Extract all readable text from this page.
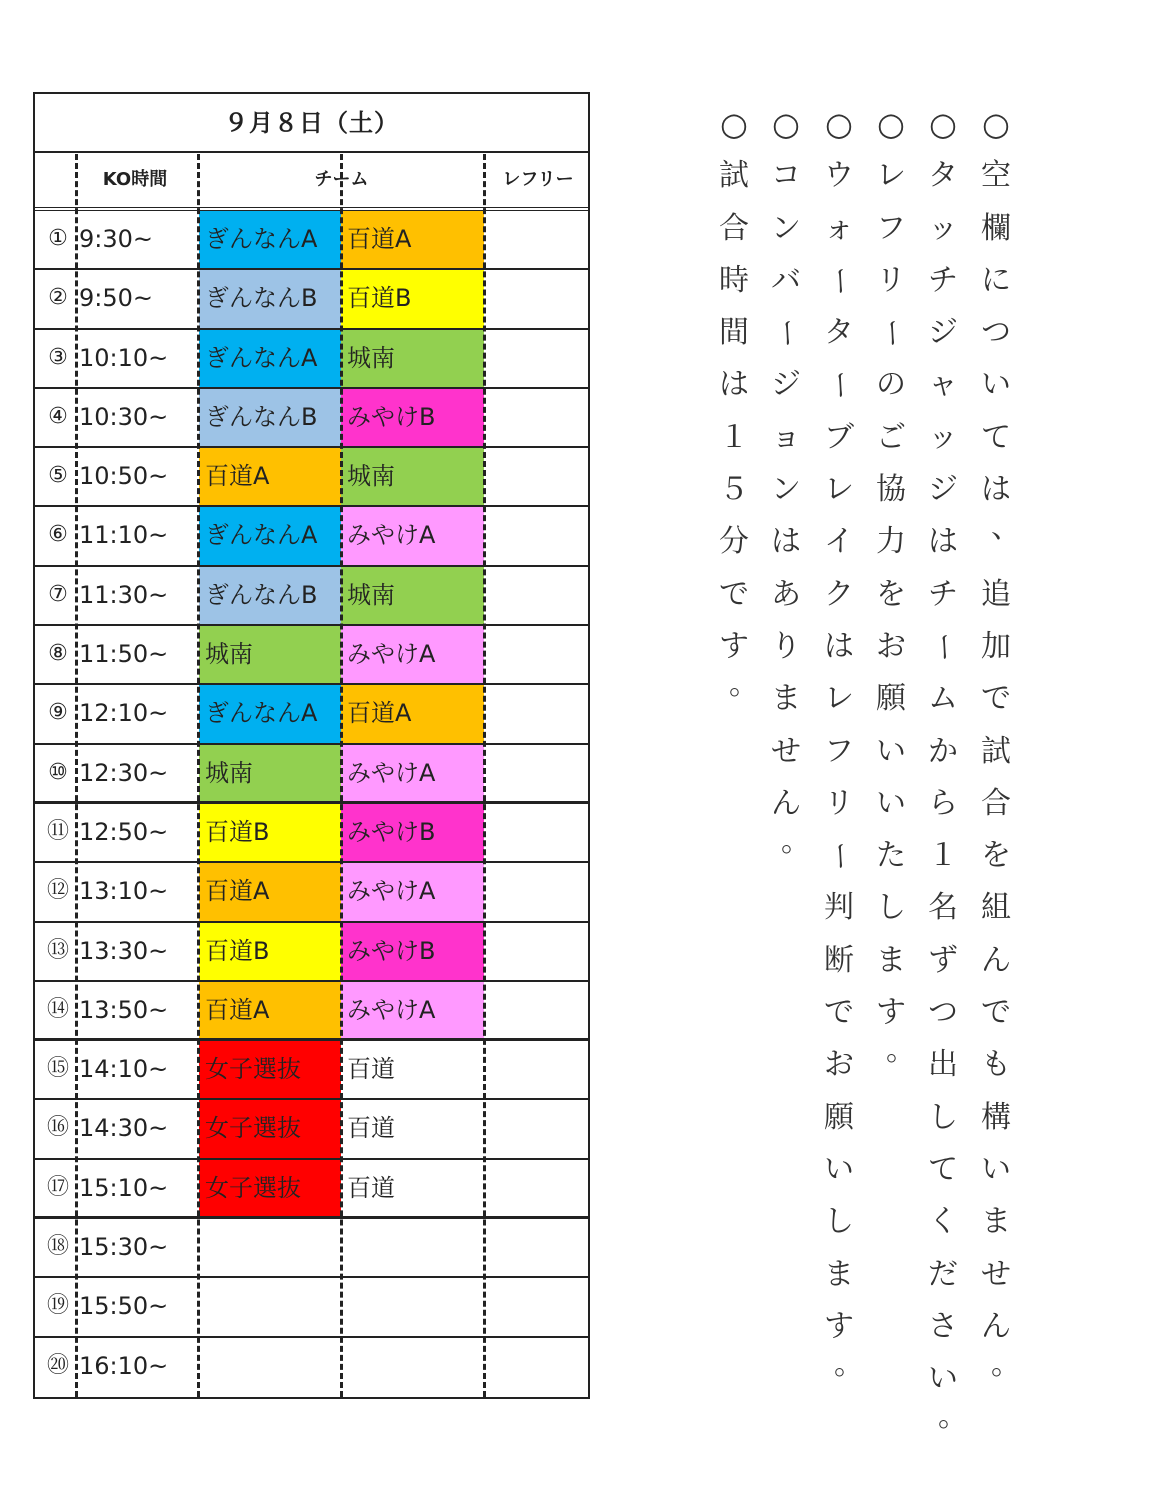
９月８日（土）
KO時間	チーム	レフリー
① 9:30~ ぎんなんA	百道A
② 9:50~ ぎんなんB	百道B
③ 10:10~ ぎんなんA	城南
④ 10:30~ ぎんなんB	みやけB
⑤ 10:50~ 百道A	城南
⑥ 11:10~ ぎんなんA	みやけA
⑦ 11:30~ ぎんなんB	城南
⑧ 11:50~ 城南	みやけA
⑨ 12:10~ ぎんなんA	百道A
⑩ 12:30~ 城南	みやけA
⑪ 12:50~ 百道B	みやけB
⑫ 13:10~ 百道A	みやけA
⑬ 13:30~ 百道B	みやけB
⑭ 13:50~ 百道A	みやけA
⑮ 14:10~ 女子選抜	百道
⑯ 14:30~ 女子選抜	百道
⑰ 15:10~ 女子選抜	百道
⑱ 15:30~
⑲ 15:50~
⑳ 16:10~
○
空
欄
に
つ
い
て
は
、
追
加
で
試
合
を
組
ん
で
も
構
い
ま
せ
ん
。
○
タ
ッ
チ
ジ
ャ
ッ
ジ
は
チ
ー
ム
か
ら
１
名
ず
つ
出
し
て
く
だ
さ
い
。
○
レ
フ
リ
ー
の
ご
協
力
を
お
願
い
い
た
し
ま
す
。
○
ウ
ォ
ー
タ
ー
ブ
レ
イ
ク
は
レ
フ
リ
ー
判
断
で
お
願
い
し
ま
す
。
○
コ
ン
バ
ー
ジ
ョ
ン
は
あ
り
ま
せ
ん
。
○
試
合
時
間
は
１
５
分
で
す
。
